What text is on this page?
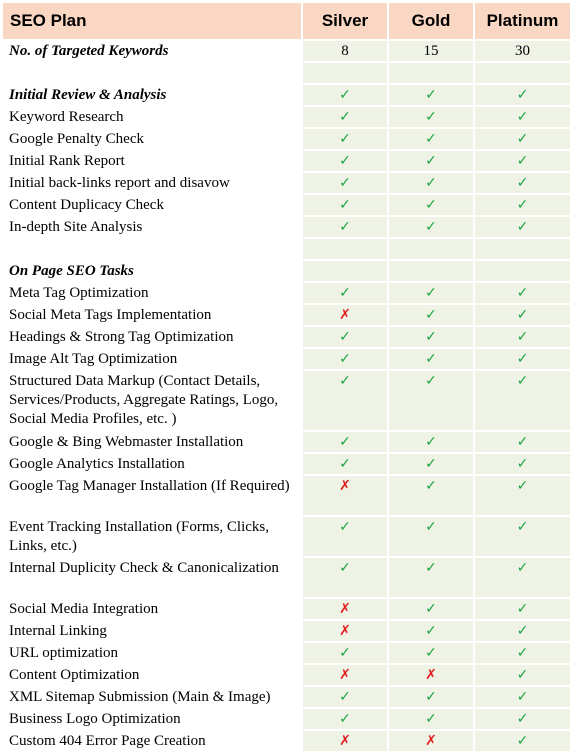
SEO Plan	Silver	Gold	Platinum
No. of Targeted Keywords	8	15	30

Initial Review & Analysis	✓	✓	✓
Keyword Research	✓	✓	✓
Google Penalty Check	✓	✓	✓
Initial Rank Report	✓	✓	✓
Initial back-links report and disavow	✓	✓	✓
Content Duplicacy Check	✓	✓	✓
In-depth Site Analysis	✓	✓	✓

On Page SEO Tasks			
Meta Tag Optimization	✓	✓	✓
Social Meta Tags Implementation	✗	✓	✓
Headings & Strong Tag Optimization	✓	✓	✓
Image Alt Tag Optimization	✓	✓	✓
Structured Data Markup (Contact Details, Services/Products, Aggregate Ratings, Logo, Social Media Profiles, etc. )	✓	✓	✓
Google & Bing Webmaster Installation	✓	✓	✓
Google Analytics Installation	✓	✓	✓
Google Tag Manager Installation (If Required)	✗	✓	✓
Event Tracking Installation (Forms, Clicks, Links, etc.)	✓	✓	✓
Internal Duplicity Check & Canonicalization	✓	✓	✓
Social Media Integration	✗	✓	✓
Internal Linking	✗	✓	✓
URL optimization	✓	✓	✓
Content Optimization	✗	✗	✓
XML Sitemap Submission (Main & Image)	✓	✓	✓
Business Logo Optimization	✓	✓	✓
Custom 404 Error Page Creation	✗	✗	✓
